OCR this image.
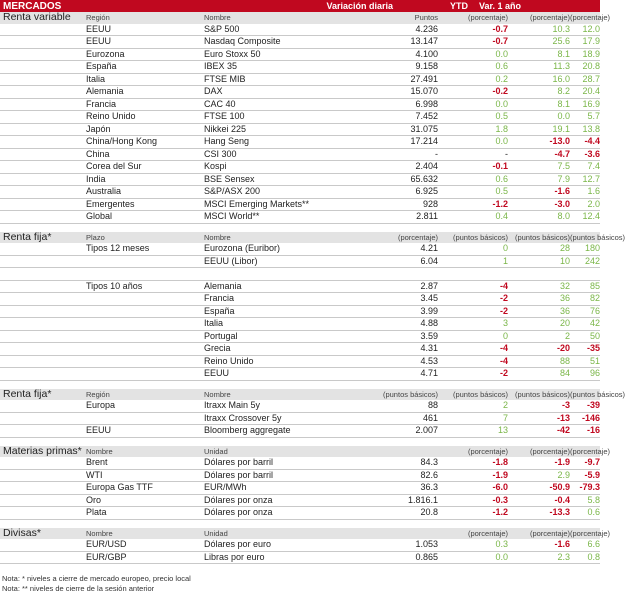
MERCADOS	Variación diaria	YTD	Var. 1 año
Renta variable	Región	Nombre	Puntos	(porcentaje)	(porcentaje) (porcentaje)
EEUU	S&P 500	4.236	-0.7	10.3	12.0
EEUU	Nasdaq Composite	13.147	-0.7	25.6	17.9
Eurozona	Euro Stoxx 50	4.100	0.0	8.1	18.9
España	IBEX 35	9.158	0.6	11.3	20.8
Italia	FTSE MIB	27.491	0.2	16.0	28.7
Alemania	DAX	15.070	-0.2	8.2	20.4
Francia	CAC 40	6.998	0.0	8.1	16.9
Reino Unido	FTSE 100	7.452	0.5	0.0	5.7
Japón	Nikkei 225	31.075	1.8	19.1	13.8
China/Hong Kong	Hang Seng	17.214	0.0	-13.0	-4.4
China	CSI 300	-	-	-4.7	-3.6
Corea del Sur	Kospi	2.404	-0.1	7.5	7.4
India	BSE Sensex	65.632	0.6	7.9	12.7
Australia	S&P/ASX 200	6.925	0.5	-1.6	1.6
Emergentes	MSCI Emerging Markets**	928	-1.2	-3.0	2.0
Global	MSCI World**	2.811	0.4	8.0	12.4
Renta fija*	Plazo	Nombre	(porcentaje)	(puntos básicos) (puntos básicos) (puntos básicos)
Tipos 12 meses	Eurozona (Euribor)	4.21	0	28	180
EEUU (Libor)	6.04	1	10	242
Tipos 10 años	Alemania	2.87	-4	32	85
Francia	3.45	-2	36	82
España	3.99	-2	36	76
Italia	4.88	3	20	42
Portugal	3.59	0	2	50
Grecia	4.31	-4	-20	-35
Reino Unido	4.53	-4	88	51
EEUU	4.71	-2	84	96
Renta fija*	Región	Nombre	(puntos básicos)	(puntos básicos) (puntos básicos) (puntos básicos)
Europa	Itraxx Main 5y	88	2	-3	-39
Itraxx Crossover 5y	461	7	-13	-146
EEUU	Bloomberg aggregate	2.007	13	-42	-16
Materias primas* Nombre	Unidad	(porcentaje)	(porcentaje) (porcentaje)
Brent	Dólares por barril	84.3	-1.8	-1.9	-9.7
WTI	Dólares por barril	82.6	-1.9	2.9	-5.9
Europa Gas TTF	EUR/MWh	36.3	-6.0	-50.9	-79.3
Oro	Dólares por onza	1.816.1	-0.3	-0.4	5.8
Plata	Dólares por onza	20.8	-1.2	-13.3	0.6
Divisas*	Nombre	Unidad	(porcentaje)	(porcentaje) (porcentaje)
EUR/USD	Dólares por euro	1.053	0.3	-1.6	6.6
EUR/GBP	Libras por euro	0.865	0.0	2.3	0.8
Nota: * niveles a cierre de mercado europeo, precio local
Nota: ** niveles de cierre de la sesión anterior
